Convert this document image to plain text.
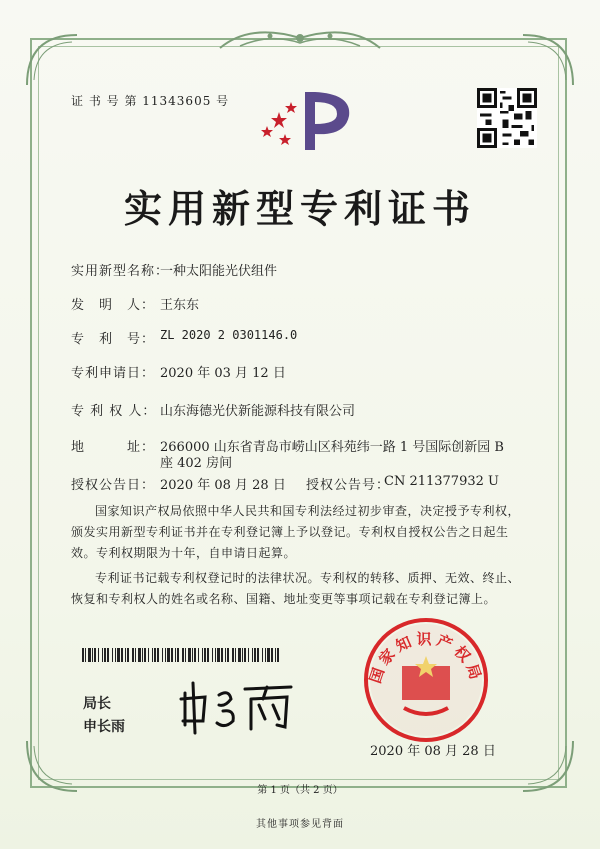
证 书 号 第 11343605 号
实用新型专利证书
实用新型名称：
一种太阳能光伏组件
发　明　人： 王东东
专　利　号： ZL 2020 2 0301146.0
专利申请日： 2020 年 03 月 12 日
专 利 权 人： 山东海德光伏新能源科技有限公司
地　　　址： 266000 山东省青岛市崂山区科苑纬一路 1 号国际创新园 B
座 402 房间
授权公告日： 2020 年 08 月 28 日 授权公告号：
CN 211377932 U
国家知识产权局依照中华人民共和国专利法经过初步审查，决定授予专利权，颁发实用新型专利证书并在专利登记簿上予以登记。专利权自授权公告之日起生效。专利权期限为十年，自申请日起算。
专利证书记载专利权登记时的法律状况。专利权的转移、质押、无效、终止、恢复和专利权人的姓名或名称、国籍、地址变更等事项记载在专利登记簿上。
局长
申长雨
国家知识产权局
2020 年 08 月 28 日
第 1 页（共 2 页）
其他事项参见背面
